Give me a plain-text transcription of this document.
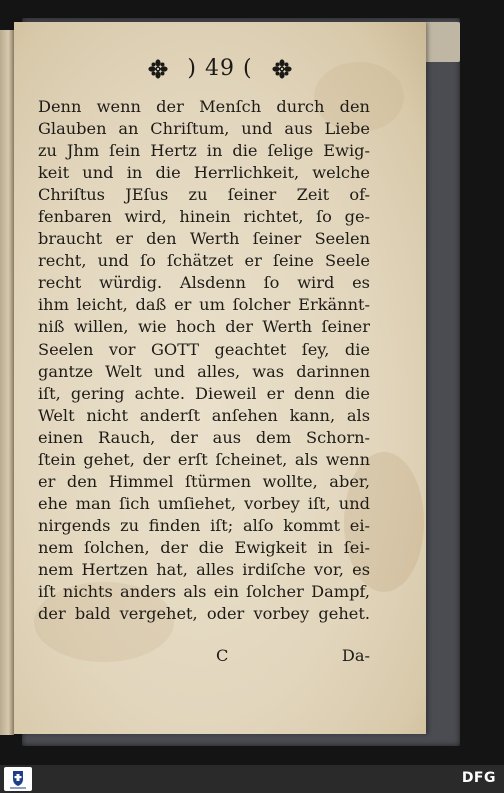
) 49 (
Denn wenn der Menſch durch den
Glauben an Chriſtum, und aus Liebe
zu Jhm ſein Hertz in die ſelige Ewig-
keit und in die Herrlichkeit, welche
Chriſtus JEſus zu ſeiner Zeit of-
fenbaren wird, hinein richtet, ſo ge-
braucht er den Werth ſeiner Seelen
recht, und ſo ſchätzet er ſeine Seele
recht würdig. Alsdenn ſo wird es
ihm leicht, daß er um ſolcher Erkännt-
niß willen, wie hoch der Werth ſeiner
Seelen vor GOTT geachtet ſey, die
gantze Welt und alles, was darinnen
iſt, gering achte. Dieweil er denn die
Welt nicht anderſt anſehen kann, als
einen Rauch, der aus dem Schorn-
ſtein gehet, der erſt ſcheinet, als wenn
er den Himmel ſtürmen wollte, aber,
ehe man ſich umſiehet, vorbey iſt, und
nirgends zu finden iſt; alſo kommt ei-
nem ſolchen, der die Ewigkeit in ſei-
nem Hertzen hat, alles irdiſche vor, es
iſt nichts anders als ein ſolcher Dampf,
der bald vergehet, oder vorbey gehet.
C	Da-
DFG
